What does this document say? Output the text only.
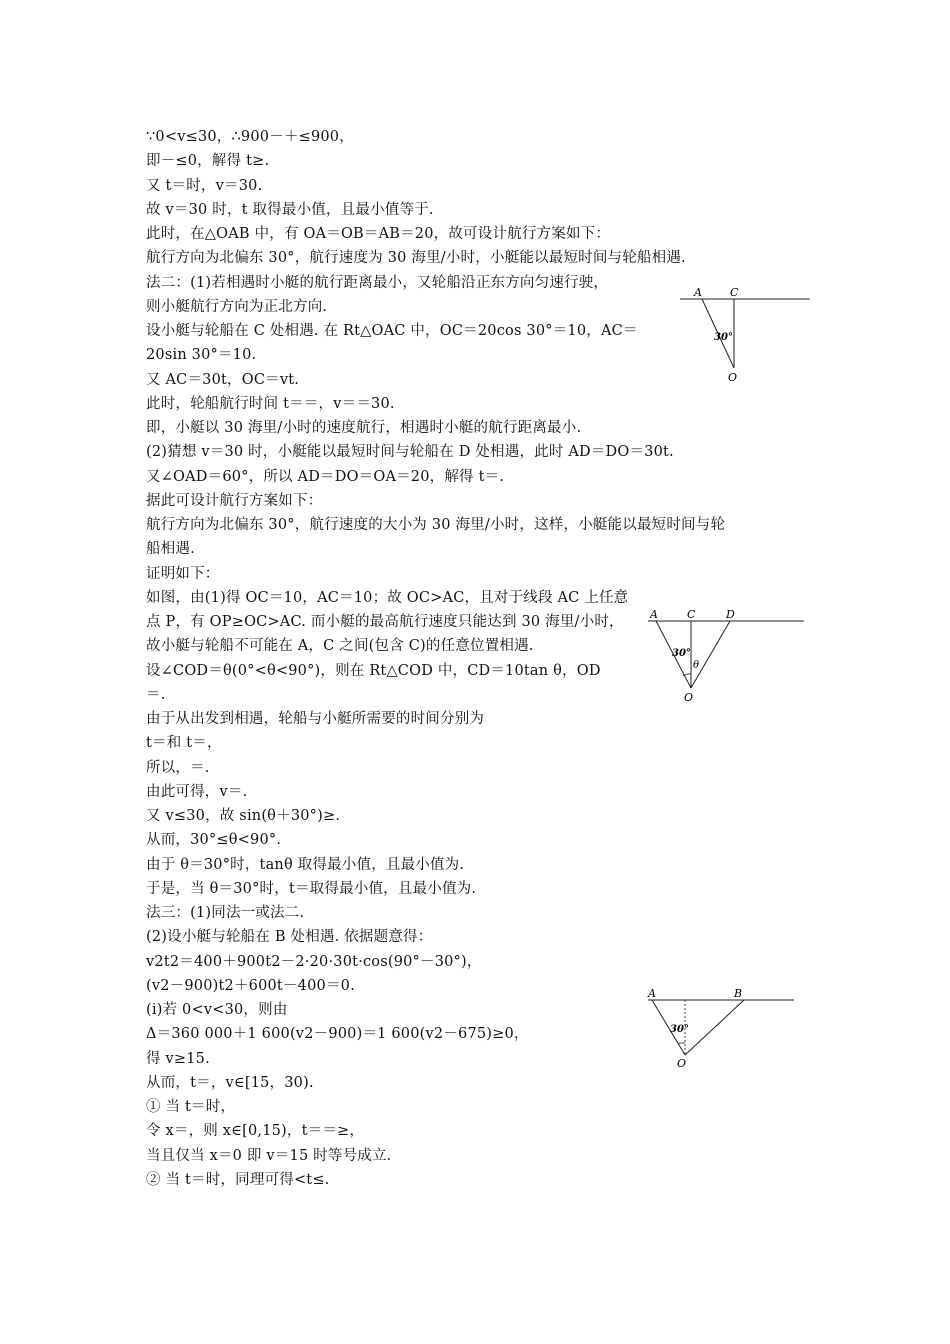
∵0<v≤30，∴900－＋≤900，
即－≤0，解得 t≥.
又 t＝时，v＝30.
故 v＝30 时，t 取得最小值，且最小值等于.
此时，在△OAB 中，有 OA＝OB＝AB＝20，故可设计航行方案如下：
航行方向为北偏东 30°，航行速度为 30 海里/小时，小艇能以最短时间与轮船相遇.
法二：(1)若相遇时小艇的航行距离最小，又轮船沿正东方向匀速行驶，
则小艇航行方向为正北方向.
设小艇与轮船在 C 处相遇. 在 Rt△OAC 中，OC＝20cos 30°＝10，AC＝
20sin 30°＝10.
又 AC＝30t，OC＝vt.
此时，轮船航行时间 t＝＝，v＝＝30.
即，小艇以 30 海里/小时的速度航行，相遇时小艇的航行距离最小.
(2)猜想 v＝30 时，小艇能以最短时间与轮船在 D 处相遇，此时 AD＝DO＝30t.
又∠OAD＝60°，所以 AD＝DO＝OA＝20，解得 t＝.
据此可设计航行方案如下：
航行方向为北偏东 30°，航行速度的大小为 30 海里/小时，这样，小艇能以最短时间与轮
船相遇.
证明如下：
如图，由(1)得 OC＝10，AC＝10；故 OC>AC，且对于线段 AC 上任意
点 P，有 OP≥OC>AC. 而小艇的最高航行速度只能达到 30 海里/小时，
故小艇与轮船不可能在 A，C 之间(包含 C)的任意位置相遇.
设∠COD＝θ(0°<θ<90°)，则在 Rt△COD 中，CD＝10tan θ，OD
＝.
由于从出发到相遇，轮船与小艇所需要的时间分别为
t＝和 t＝，
所以，＝.
由此可得，v＝.
又 v≤30，故 sin(θ＋30°)≥.
从而，30°≤θ<90°.
由于 θ＝30°时，tanθ 取得最小值，且最小值为.
于是，当 θ＝30°时，t＝取得最小值，且最小值为.
法三：(1)同法一或法二.
(2)设小艇与轮船在 B 处相遇. 依据题意得：
v2t2＝400＋900t2－2·20·30t·cos(90°－30°)，
(v2－900)t2＋600t－400＝0.
(ⅰ)若 0<v<30，则由
Δ＝360 000＋1 600(v2－900)＝1 600(v2－675)≥0，
得 v≥15.
从而，t＝，v∈[15，30).
① 当 t＝时，
令 x＝，则 x∈[0,15)，t＝＝≥，
当且仅当 x＝0 即 v＝15 时等号成立.
② 当 t＝时，同理可得<t≤.
A	C
O
30°
A	C	D
O
30°
θ
A	B
O
30°
